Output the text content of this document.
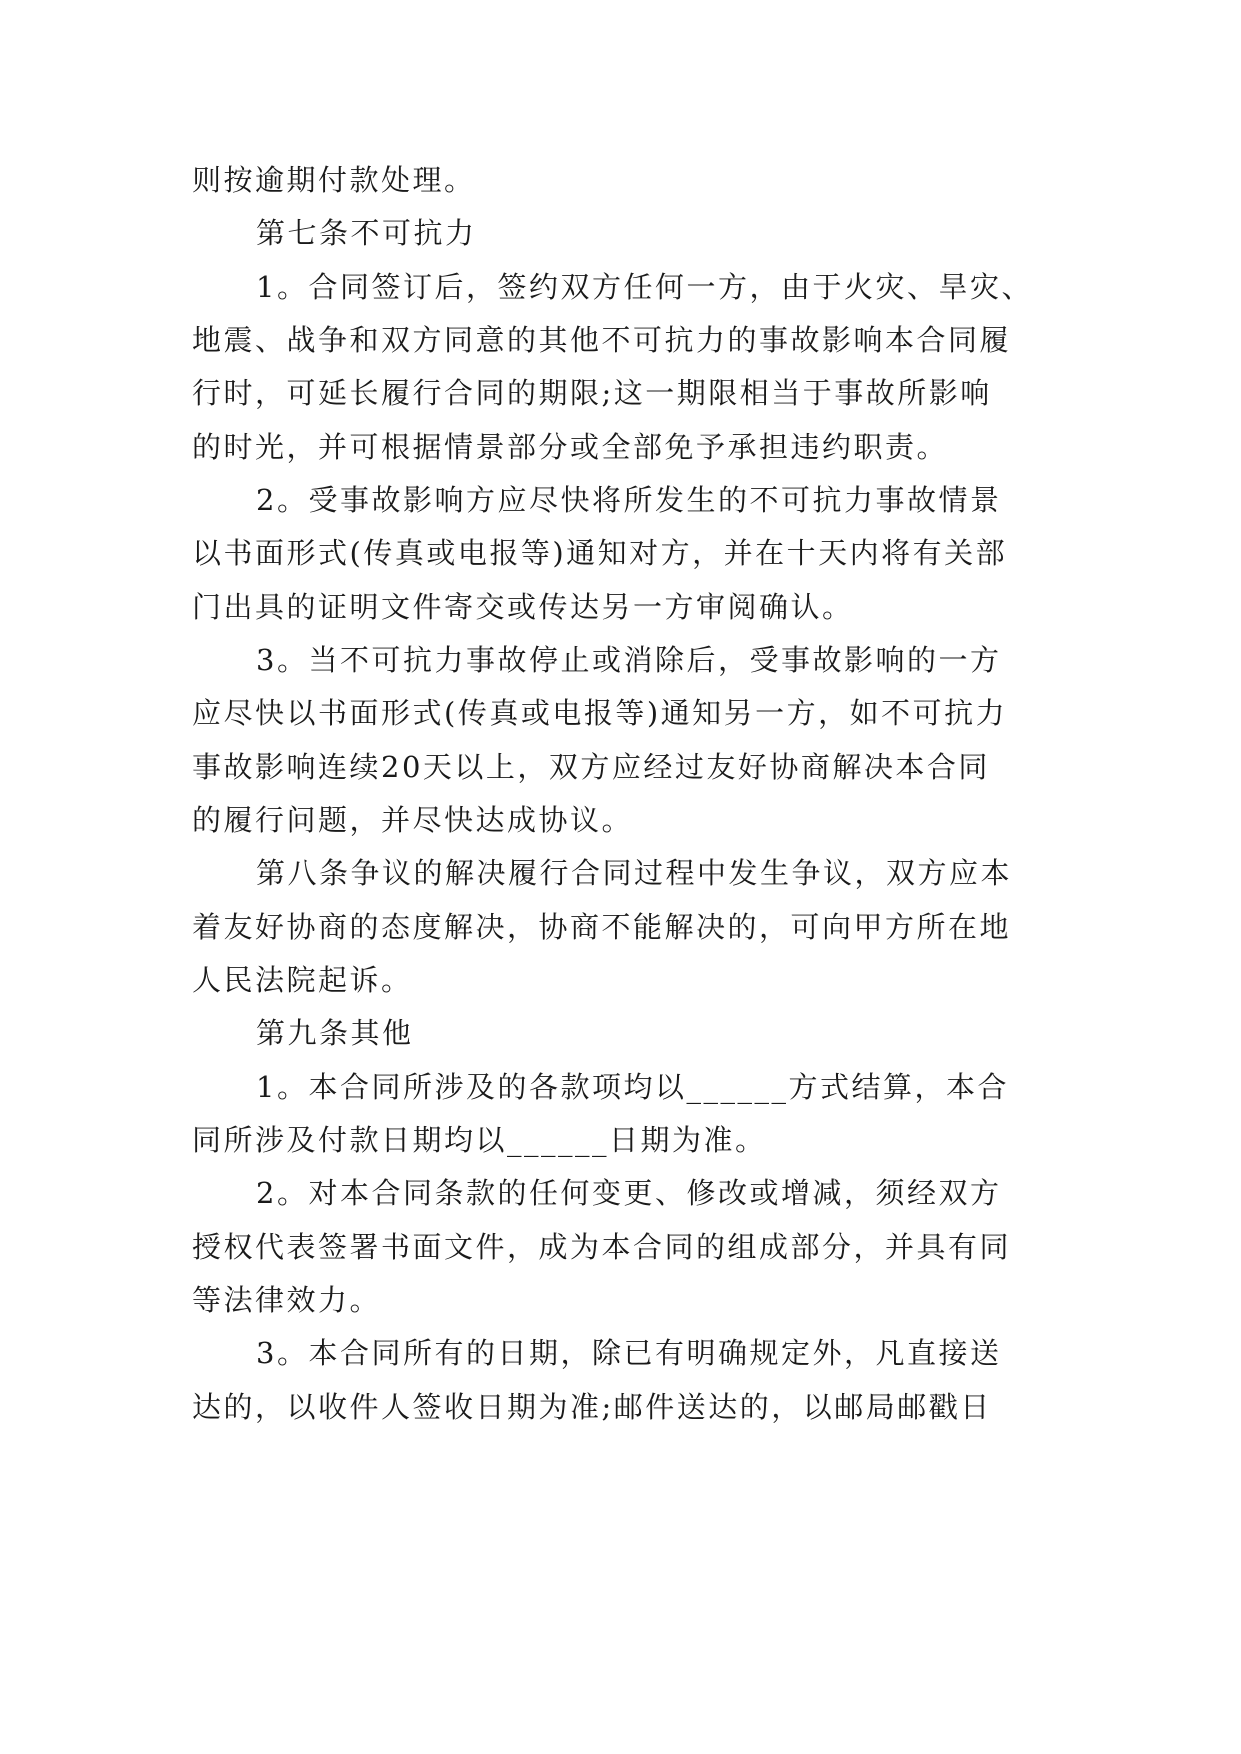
则按逾期付款处理。
第七条不可抗力
1。合同签订后，签约双方任何一方，由于火灾、旱灾、
地震、战争和双方同意的其他不可抗力的事故影响本合同履
行时，可延长履行合同的期限;这一期限相当于事故所影响
的时光，并可根据情景部分或全部免予承担违约职责。
2。受事故影响方应尽快将所发生的不可抗力事故情景
以书面形式(传真或电报等)通知对方，并在十天内将有关部
门出具的证明文件寄交或传达另一方审阅确认。
3。当不可抗力事故停止或消除后，受事故影响的一方
应尽快以书面形式(传真或电报等)通知另一方，如不可抗力
事故影响连续20天以上，双方应经过友好协商解决本合同
的履行问题，并尽快达成协议。
第八条争议的解决履行合同过程中发生争议，双方应本
着友好协商的态度解决，协商不能解决的，可向甲方所在地
人民法院起诉。
第九条其他
1。本合同所涉及的各款项均以______方式结算，本合
同所涉及付款日期均以______日期为准。
2。对本合同条款的任何变更、修改或增减，须经双方
授权代表签署书面文件，成为本合同的组成部分，并具有同
等法律效力。
3。本合同所有的日期，除已有明确规定外，凡直接送
达的，以收件人签收日期为准;邮件送达的，以邮局邮戳日
